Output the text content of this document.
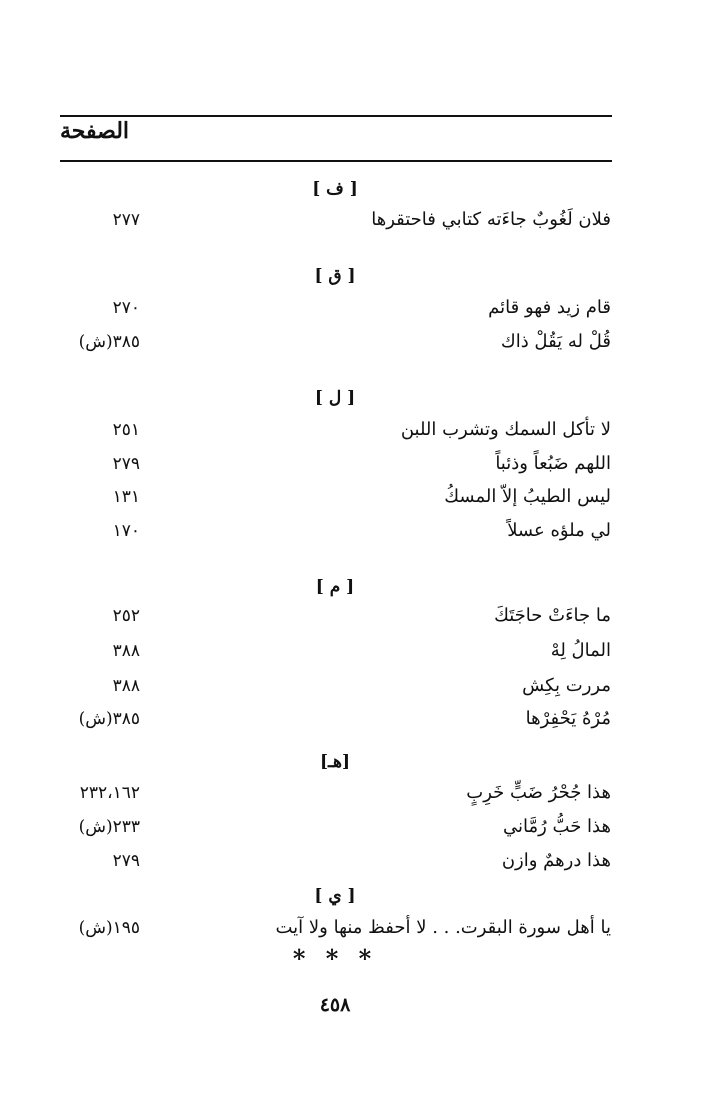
الصفحة
[ ف ]
فلان لَغُوبٌ جاءَته كتابي فاحتقرها
٢٧٧
[ ق ]
قام زيد فهو قائم
٢٧٠
قُلْ له يَقُلْ ذاك
٣٨٥(ش)
[ ل ]
لا تأكل السمك وتشرب اللبن
٢٥١
اللهم ضَبُعاً وذئباً
٢٧٩
ليس الطيبُ إلاّ المسكُ
١٣١
لي ملؤه عسلاً
١٧٠
[ م ]
ما جاءَتْ حاجَتَكَ
٢٥٢
المالُ لِهْ
٣٨٨
مررت بِكِش
٣٨٨
مُرْهُ يَحْفِرْها
٣٨٥(ش)
[هـ]
هذا جُحْرُ ضَبٍّ خَرِبٍ
٢٣٢،١٦٢
هذا حَبُّ رُمَّاني
٢٣٣(ش)
هذا درهمٌ وازن
٢٧٩
[ ي ]
يا أهل سورة البقرت. . . لا أحفظ منها ولا آيت
١٩٥(ش)
* * *
٤٥٨
